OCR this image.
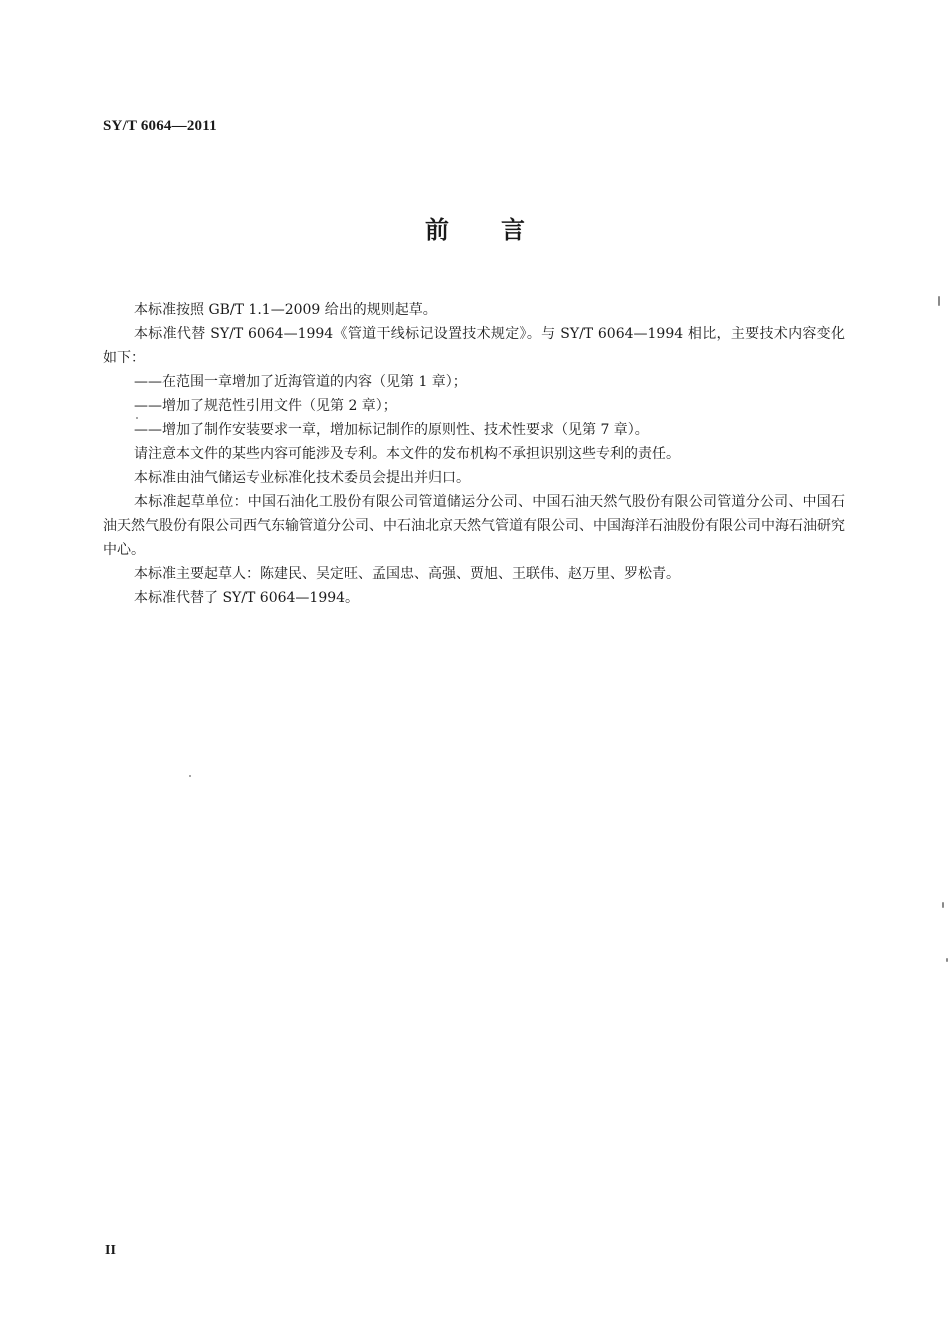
SY/T 6064—2011
前言

本标准按照 GB/T 1.1—2009 给出的规则起草。

本标准代替 SY/T 6064—1994《管道干线标记设置技术规定》。与 SY/T 6064—1994 相比，主要技术内容变化如下：

——在范围一章增加了近海管道的内容（见第 1 章）；

——增加了规范性引用文件（见第 2 章）；

——增加了制作安装要求一章，增加标记制作的原则性、技术性要求（见第 7 章）。

请注意本文件的某些内容可能涉及专利。本文件的发布机构不承担识别这些专利的责任。

本标准由油气储运专业标准化技术委员会提出并归口。

本标准起草单位：中国石油化工股份有限公司管道储运分公司、中国石油天然气股份有限公司管道分公司、中国石油天然气股份有限公司西气东输管道分公司、中石油北京天然气管道有限公司、中国海洋石油股份有限公司中海石油研究中心。

本标准主要起草人：陈建民、吴定旺、孟国忠、高强、贾旭、王联伟、赵万里、罗松青。

本标准代替了 SY/T 6064—1994。

II
